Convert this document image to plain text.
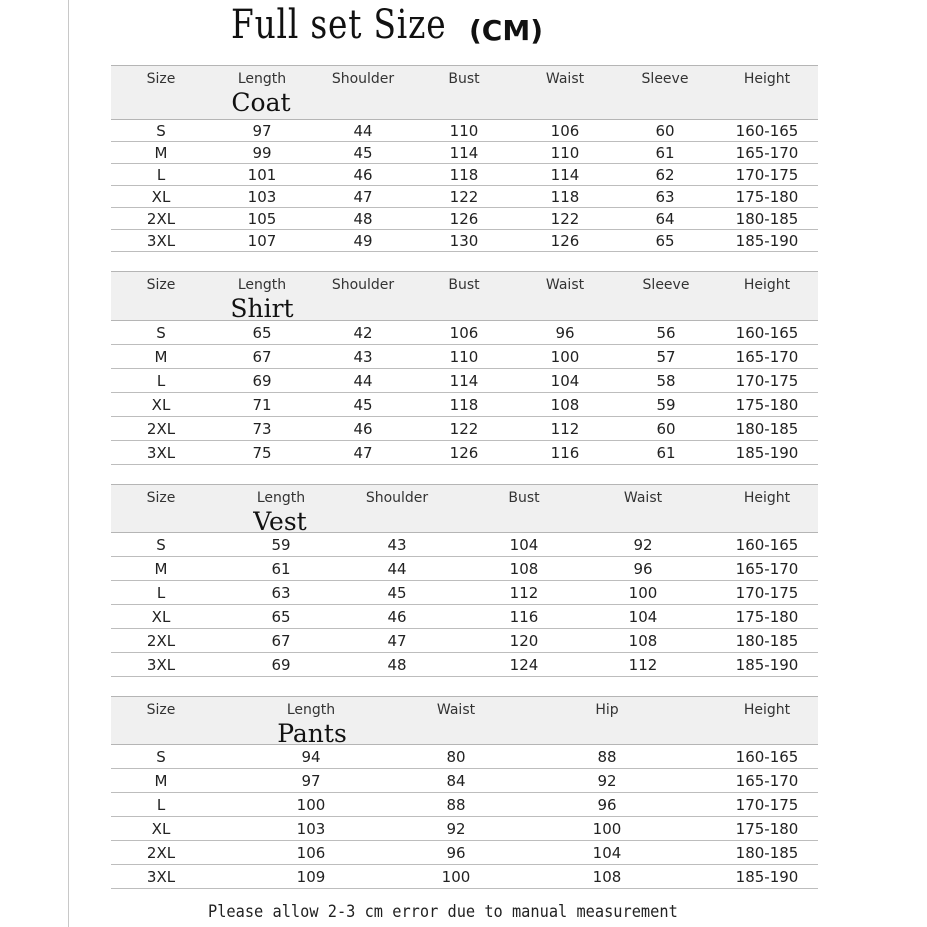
Full set Size (CM)
Size	Length	Shoulder	Bust	Waist	Sleeve	Height
Coat
S	97	44	110	106	60	160-165
M	99	45	114	110	61	165-170
L	101	46	118	114	62	170-175
XL	103	47	122	118	63	175-180
2XL	105	48	126	122	64	180-185
3XL	107	49	130	126	65	185-190
Size	Length	Shoulder	Bust	Waist	Sleeve	Height
Shirt
S	65	42	106	96	56	160-165
M	67	43	110	100	57	165-170
L	69	44	114	104	58	170-175
XL	71	45	118	108	59	175-180
2XL	73	46	122	112	60	180-185
3XL	75	47	126	116	61	185-190
Size	Length	Shoulder	Bust	Waist	Height
Vest
S	59	43	104	92	160-165
M	61	44	108	96	165-170
L	63	45	112	100	170-175
XL	65	46	116	104	175-180
2XL	67	47	120	108	180-185
3XL	69	48	124	112	185-190
Size	Length	Waist	Hip	Height
Pants
S	94	80	88	160-165
M	97	84	92	165-170
L	100	88	96	170-175
XL	103	92	100	175-180
2XL	106	96	104	180-185
3XL	109	100	108	185-190
Please allow 2-3 cm error due to manual measurement
